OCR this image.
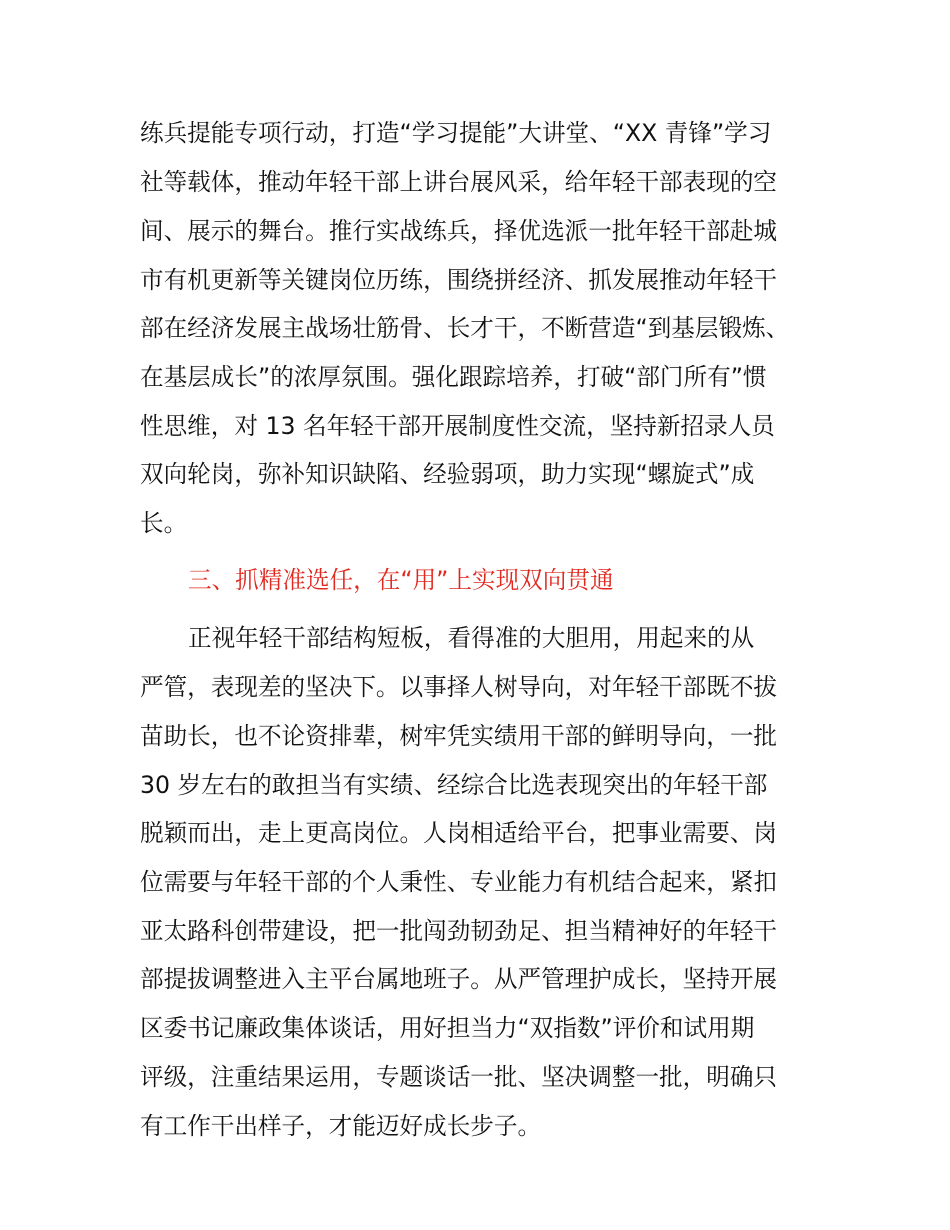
练兵提能专项行动，打造“学习提能”大讲堂、“XX 青锋”学习
社等载体，推动年轻干部上讲台展风采，给年轻干部表现的空
间、展示的舞台。推行实战练兵，择优选派一批年轻干部赴城
市有机更新等关键岗位历练，围绕拼经济、抓发展推动年轻干
部在经济发展主战场壮筋骨、长才干，不断营造“到基层锻炼、
在基层成长”的浓厚氛围。强化跟踪培养，打破“部门所有”惯
性思维，对 13 名年轻干部开展制度性交流，坚持新招录人员
双向轮岗，弥补知识缺陷、经验弱项，助力实现“螺旋式”成
长。
三、抓精准选任，在“用”上实现双向贯通
正视年轻干部结构短板，看得准的大胆用，用起来的从
严管，表现差的坚决下。以事择人树导向，对年轻干部既不拔
苗助长，也不论资排辈，树牢凭实绩用干部的鲜明导向，一批
30 岁左右的敢担当有实绩、经综合比选表现突出的年轻干部
脱颖而出，走上更高岗位。人岗相适给平台，把事业需要、岗
位需要与年轻干部的个人秉性、专业能力有机结合起来，紧扣
亚太路科创带建设，把一批闯劲韧劲足、担当精神好的年轻干
部提拔调整进入主平台属地班子。从严管理护成长，坚持开展
区委书记廉政集体谈话，用好担当力“双指数”评价和试用期
评级，注重结果运用，专题谈话一批、坚决调整一批，明确只
有工作干出样子，才能迈好成长步子。
